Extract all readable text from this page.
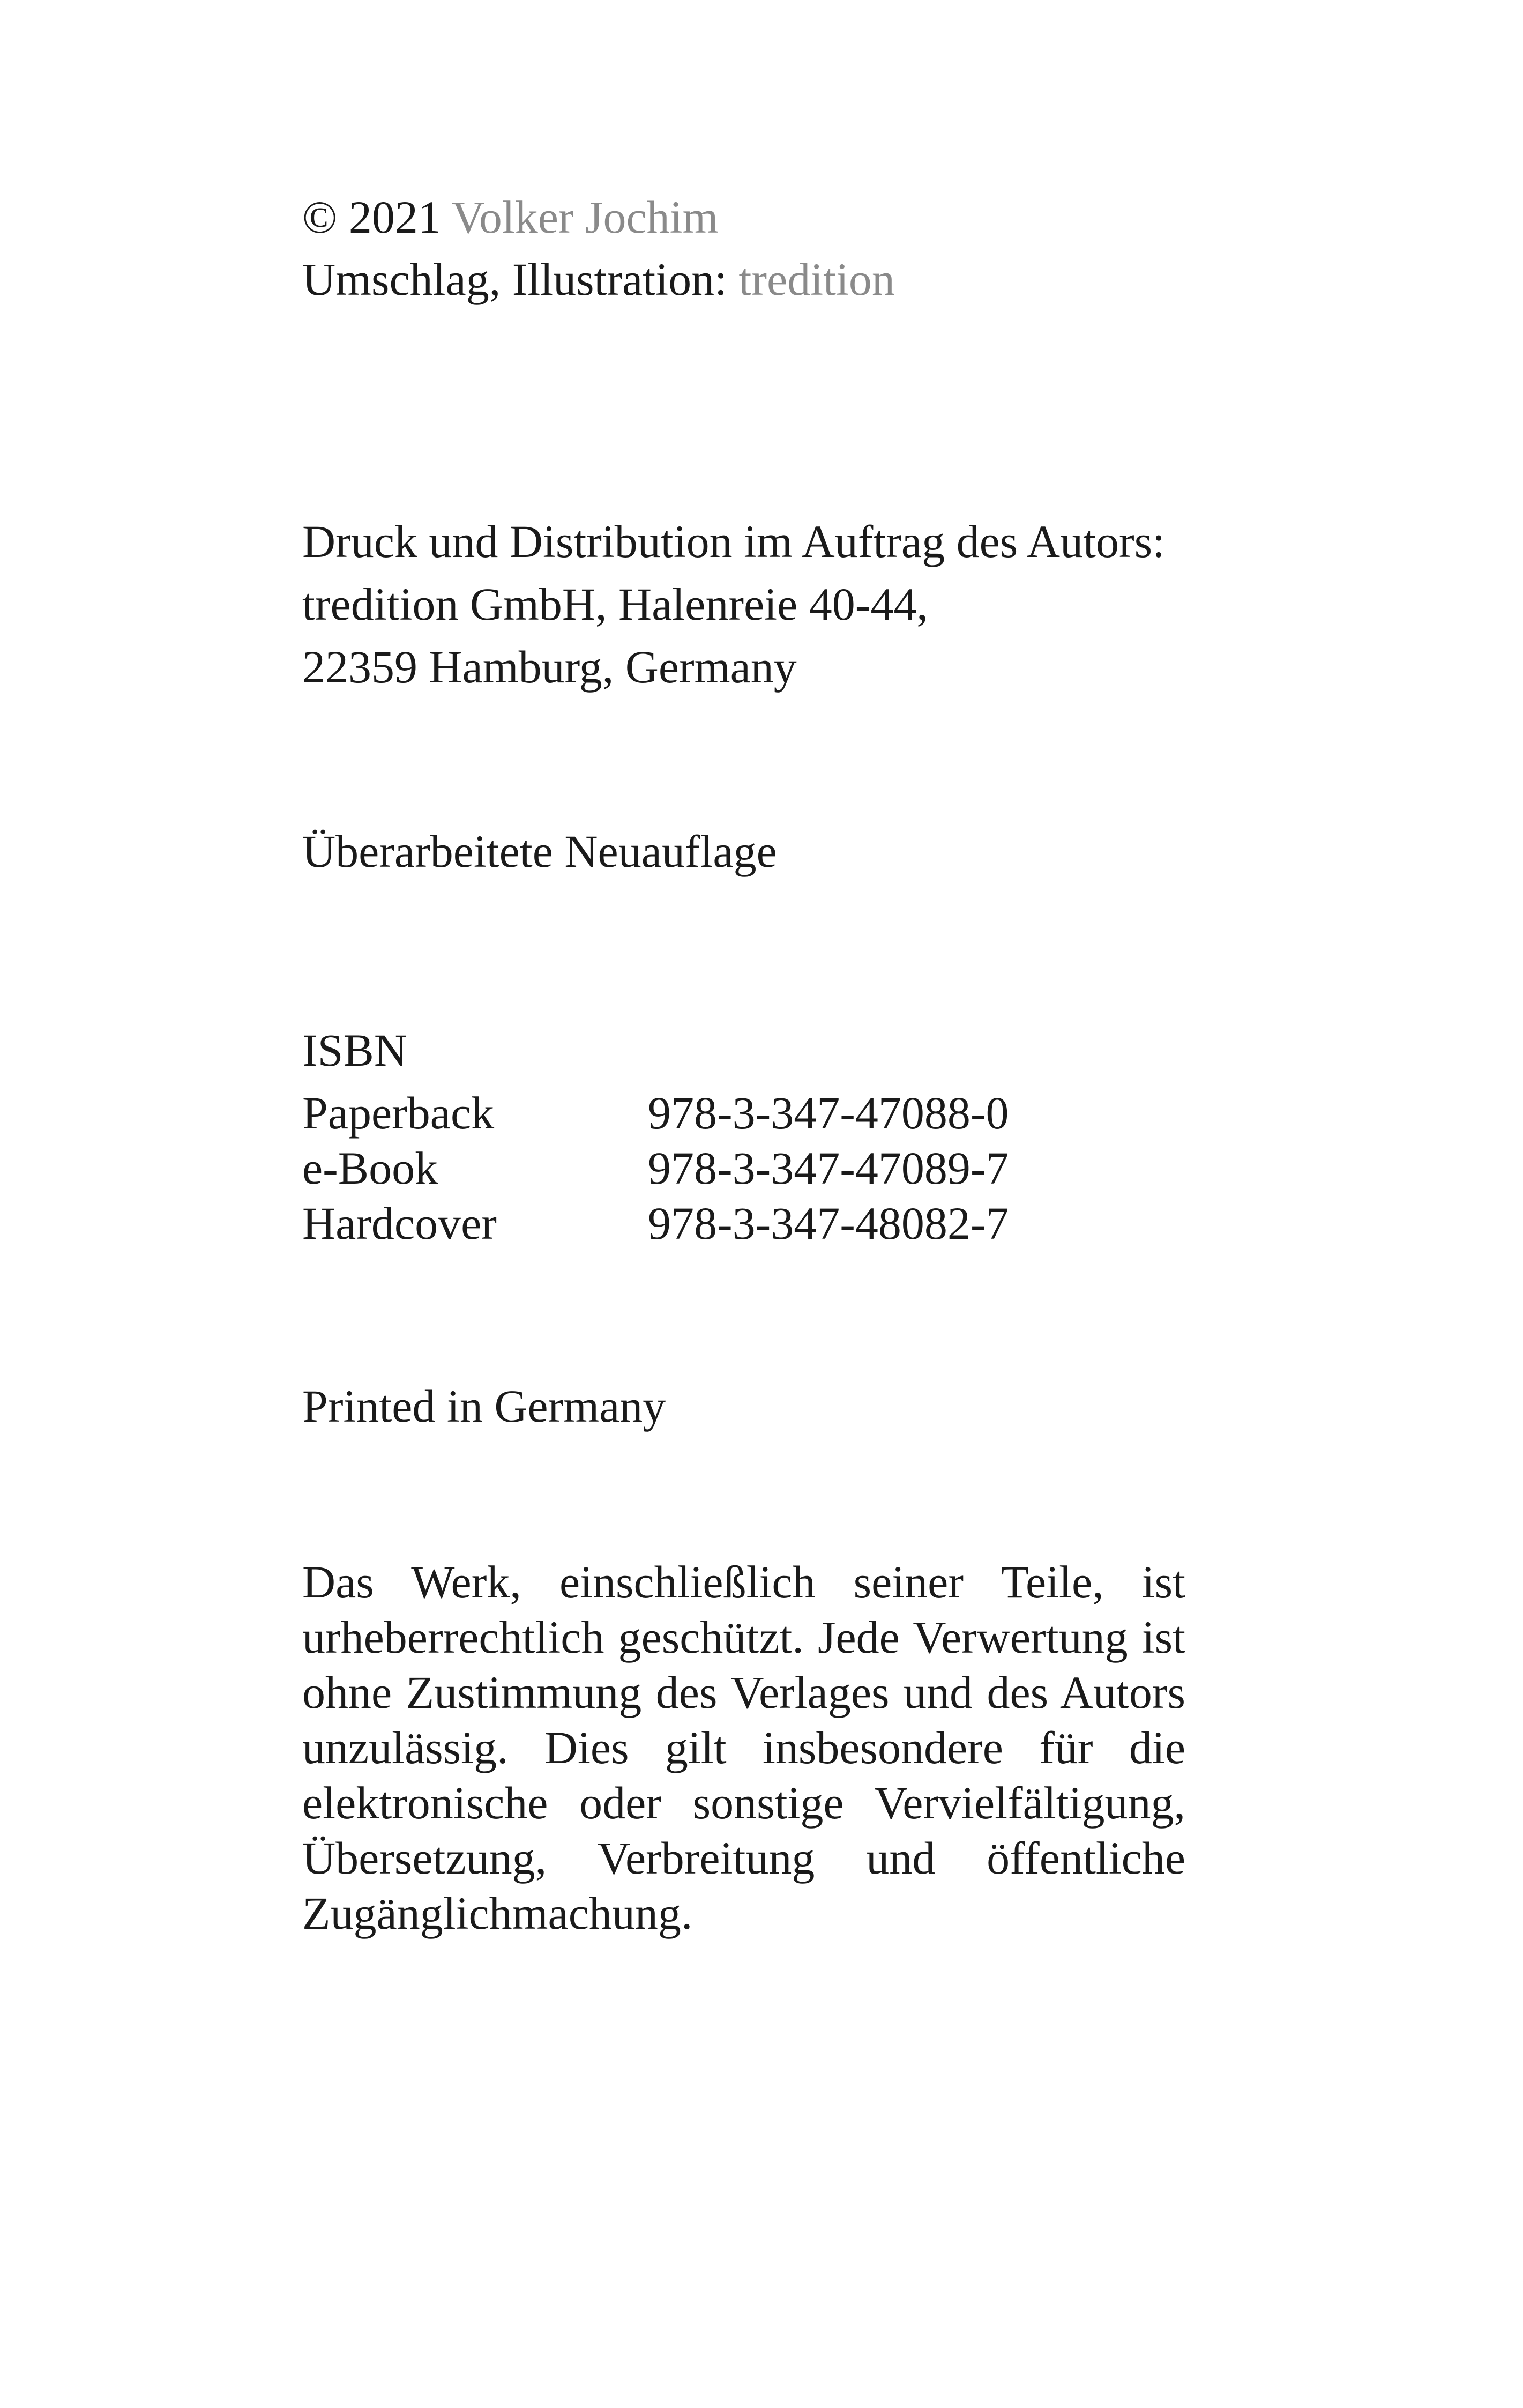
© 2021 Volker Jochim
Umschlag, Illustration: tredition
Druck und Distribution im Auftrag des Autors:
tredition GmbH, Halenreie 40-44,
22359 Hamburg, Germany
Überarbeitete Neuauflage
ISBN
Paperback	978-3-347-47088-0
e-Book	978-3-347-47089-7
Hardcover	978-3-347-48082-7
Printed in Germany
Das Werk, einschließlich seiner Teile, ist urheberrechtlich geschützt. Jede Verwertung ist ohne Zustimmung des Verlages und des Autors unzulässig. Dies gilt insbesondere für die elektronische oder sonstige Vervielfältigung, Übersetzung, Verbreitung und öffentliche Zugänglichmachung.
